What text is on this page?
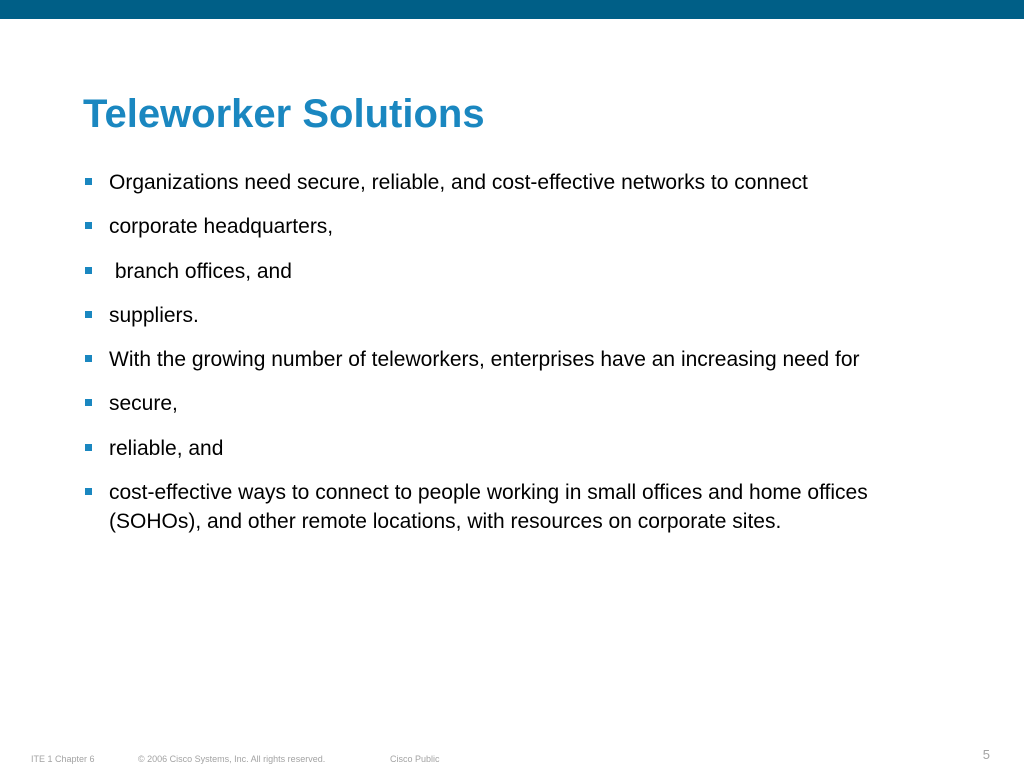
Teleworker Solutions
Organizations need secure, reliable, and cost-effective networks to connect
corporate headquarters,
branch offices, and
suppliers.
With the growing number of teleworkers, enterprises have an increasing need for
secure,
reliable, and
cost-effective ways to connect to people working in small offices and home offices (SOHOs), and other remote locations, with resources on corporate sites.
ITE 1 Chapter 6	© 2006 Cisco Systems, Inc. All rights reserved.	Cisco Public	5
